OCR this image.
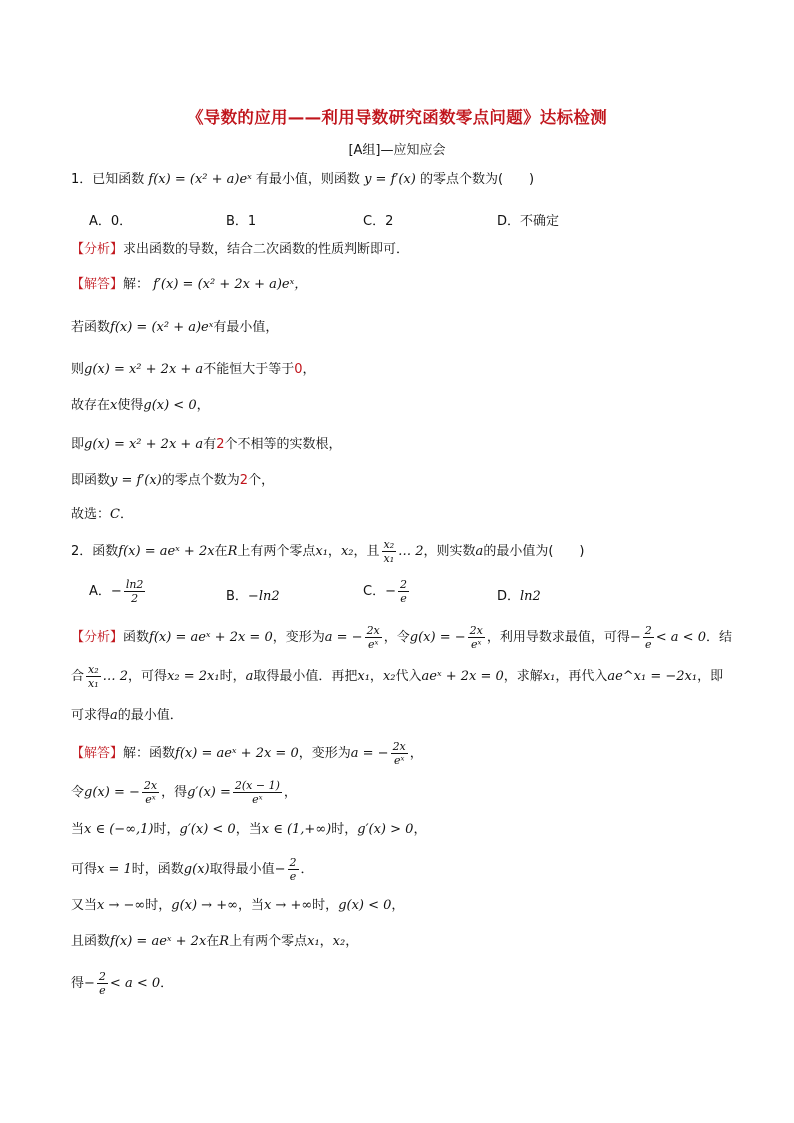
《导数的应用——利用导数研究函数零点问题》达标检测
[A组]—应知应会
1．已知函数 f(x) = (x² + a)eˣ 有最小值，则函数 y = f′(x) 的零点个数为(　　)
A．0．	B．1	C．2	D．不确定
【分析】求出函数的导数，结合二次函数的性质判断即可．
【解答】解： f′(x) = (x² + 2x + a)eˣ，
若函数f(x) = (x² + a)eˣ有最小值，
则g(x) = x² + 2x + a不能恒大于等于0，
故存在x使得g(x) < 0，
即g(x) = x² + 2x + a有2个不相等的实数根，
即函数y = f′(x)的零点个数为2个，
故选：C．
2．函数f(x) = aeˣ + 2x在R上有两个零点x₁，x₂，且 $\frac{\text{x₂}}{\text{x₁}}$ … 2，则实数a的最小值为(　　)
A．− $\frac{\ln 2}{2}$	B．−ln2	C．− $\frac{2}{e}$	D．ln2
【分析】函数f(x) = aeˣ + 2x = 0，变形为a = − $\frac{2x}{\text{eˣ}}$ ，令g(x) = − $\frac{2x}{\text{eˣ}}$ ，利用导数求最值，可得− $\frac{2}{e} < a < 0$．结
合 $\frac{\text{x₂}}{\text{x₁}}$ … 2，可得x₂ = 2x₁时，a取得最小值．再把x₁，x₂代入aeˣ + 2x = 0，求解x₁，再代入ae^x₁ = −2x₁，即
可求得a的最小值．
【解答】解：函数f(x) = aeˣ + 2x = 0，变形为a = − $\frac{2x}{\text{eˣ}}$ ，
令g(x) = − $\frac{2x}{\text{eˣ}}$ ，得$g'(x) = \frac{2(x - 1)}{\text{eˣ}}$ ，
当x ∈ (−∞,1)时，g′(x) < 0，当x ∈ (1,+∞)时，g′(x) > 0，
可得x = 1时，函数g(x)取得最小值− $\frac{2}{e}$ ．
又当x → −∞时，g(x) → +∞，当x → +∞时，g(x) < 0，
且函数f(x) = aeˣ + 2x在R上有两个零点x₁，x₂，
得− $\frac{2}{e} < a < 0$．
